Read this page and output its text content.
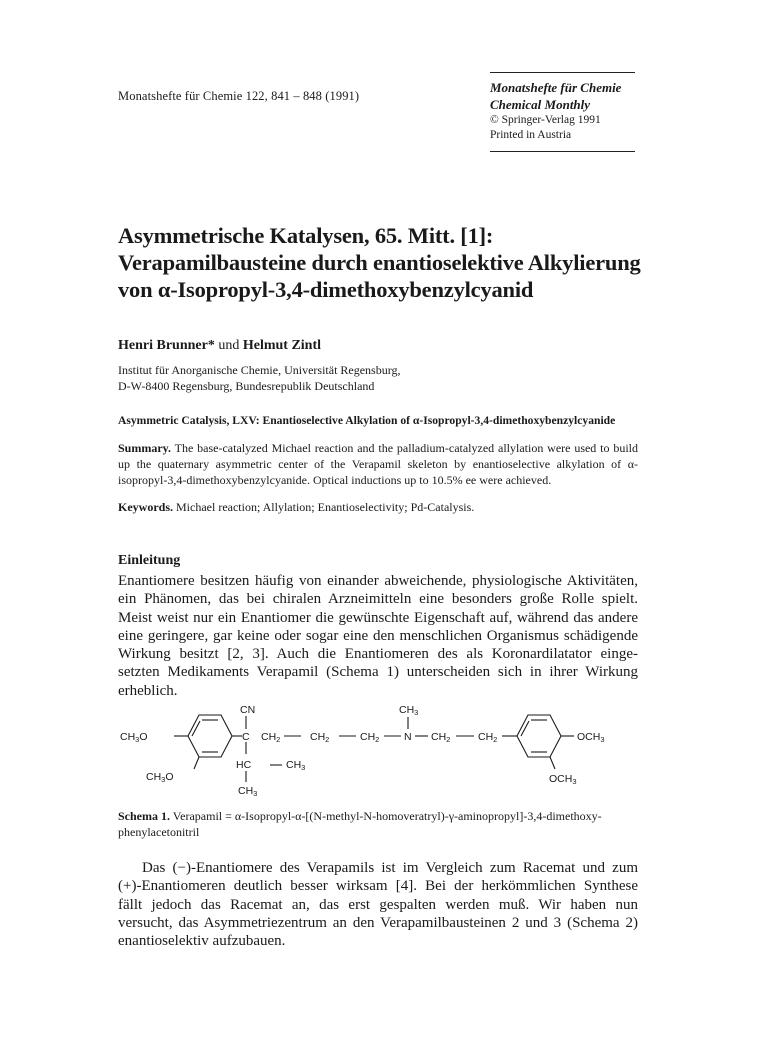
Monatshefte für Chemie 122, 841 – 848 (1991)
Monatshefte für Chemie
Chemical Monthly
© Springer-Verlag 1991
Printed in Austria
Asymmetrische Katalysen, 65. Mitt. [1]:
Verapamilbausteine durch enantioselektive Alkylierung
von α-Isopropyl-3,4-dimethoxybenzylcyanid
Henri Brunner* und Helmut Zintl
Institut für Anorganische Chemie, Universität Regensburg,
D-W-8400 Regensburg, Bundesrepublik Deutschland
Asymmetric Catalysis, LXV: Enantioselective Alkylation of α-Isopropyl-3,4-dimethoxybenzylcyanide
Summary. The base-catalyzed Michael reaction and the palladium-catalyzed allylation were used to build up the quaternary asymmetric center of the Verapamil skeleton by enantioselective alkylation of α-isopropyl-3,4-dimethoxybenzylcyanide. Optical inductions up to 10.5% ee were achieved.
Keywords. Michael reaction; Allylation; Enantioselectivity; Pd-Catalysis.
Einleitung
Enantiomere besitzen häufig von einander abweichende, physiologische Aktivitäten,
ein Phänomen, das bei chiralen Arzneimitteln eine besonders große Rolle spielt.
Meist weist nur ein Enantiomer die gewünschte Eigenschaft auf, während das andere
eine geringere, gar keine oder sogar eine den menschlichen Organismus schädigende
Wirkung besitzt [2, 3]. Auch die Enantiomeren des als Koronardilatator einge-
setzten Medikaments Verapamil (Schema 1) unterscheiden sich in ihrer Wirkung
erheblich.
CN	CH3
CH3O	C CH2	CH2	CH2 N CH2	CH2	OCH3
HC	CH3
CH3O
CH3
OCH3
Schema 1. Verapamil = α-Isopropyl-α-[(N-methyl-N-homoveratryl)-γ-aminopropyl]-3,4-dimethoxy-phenylacetonitril
Das (−)-Enantiomere des Verapamils ist im Vergleich zum Racemat und zum
(+)-Enantiomeren deutlich besser wirksam [4]. Bei der herkömmlichen Synthese
fällt jedoch das Racemat an, das erst gespalten werden muß. Wir haben nun
versucht, das Asymmetriezentrum an den Verapamilbausteinen 2 und 3 (Schema 2)
enantioselektiv aufzubauen.
